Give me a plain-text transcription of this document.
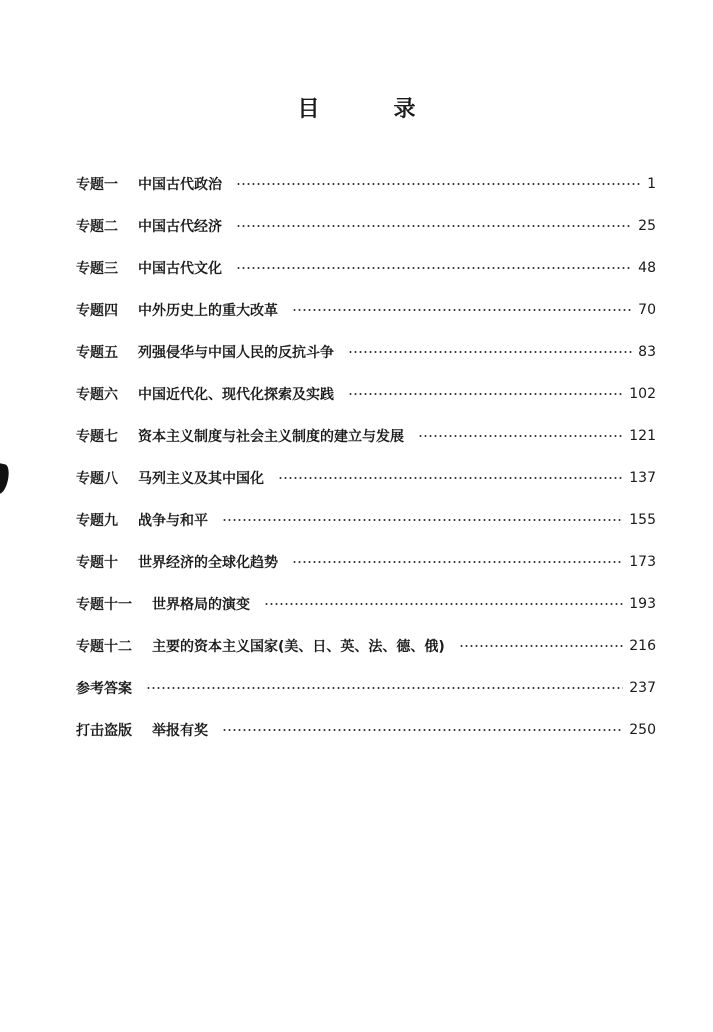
目　录
专题一 中国古代政治	1
专题二 中国古代经济	25
专题三 中国古代文化	48
专题四 中外历史上的重大改革	70
专题五 列强侵华与中国人民的反抗斗争	83
专题六 中国近代化、现代化探索及实践	102
专题七 资本主义制度与社会主义制度的建立与发展	121
专题八 马列主义及其中国化	137
专题九 战争与和平	155
专题十 世界经济的全球化趋势	173
专题十一 世界格局的演变	193
专题十二 主要的资本主义国家(美、日、英、法、德、俄)	216
参考答案	237
打击盗版 举报有奖	250
